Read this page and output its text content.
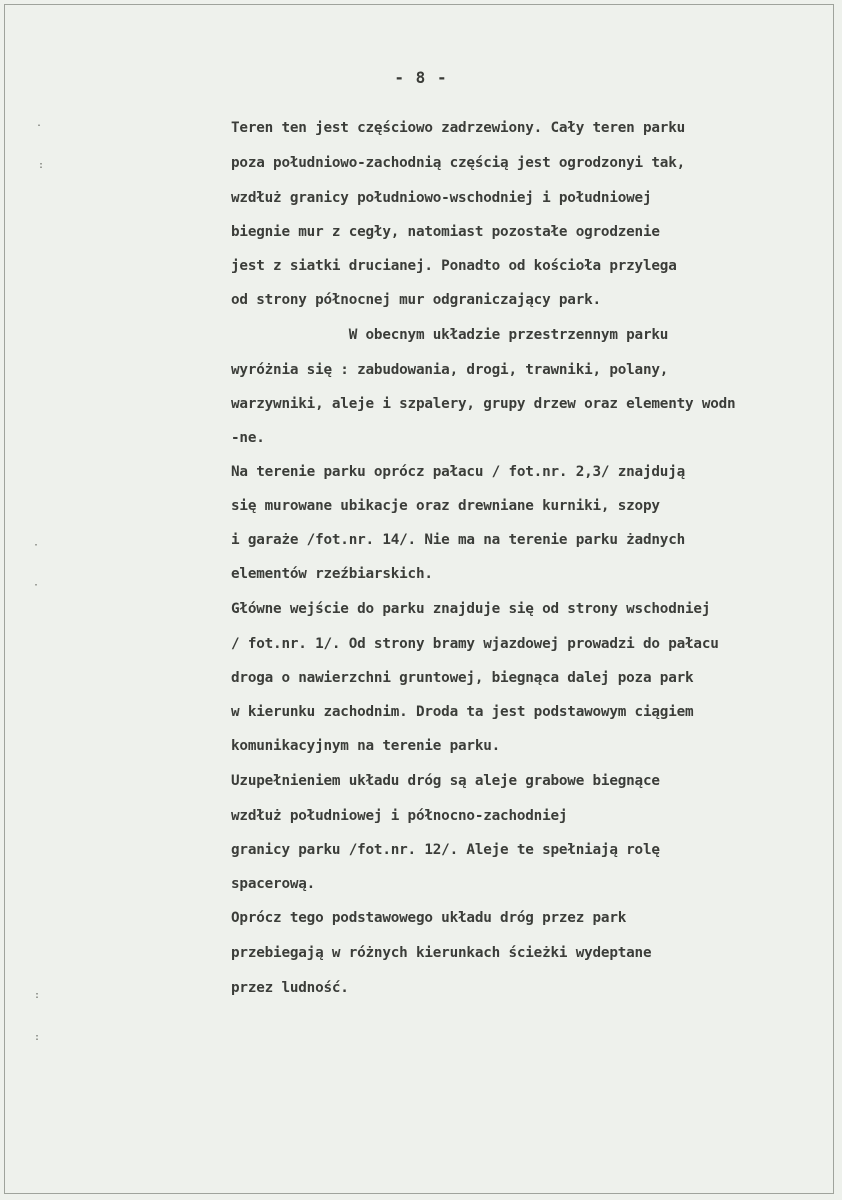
- 8 -
.
:
·
·
:
:
Teren ten jest częściowo zadrzewiony. Cały teren parku
poza południowo-zachodnią częścią jest ogrodzonyi tak,
wzdłuż granicy południowo-wschodniej i południowej
biegnie mur z cegły, natomiast pozostałe ogrodzenie
jest z siatki drucianej. Ponadto od kościoła przylega
od strony północnej mur odgraniczający park.
W obecnym układzie przestrzennym parku
wyróżnia się : zabudowania, drogi, trawniki, polany,
warzywniki, aleje i szpalery, grupy drzew oraz elementy wodn
-ne.
Na terenie parku oprócz pałacu / fot.nr. 2,3/ znajdują
się murowane ubikacje oraz drewniane kurniki, szopy
i garaże /fot.nr. 14/. Nie ma na terenie parku żadnych
elementów rzeźbiarskich.
Główne wejście do parku znajduje się od strony wschodniej
/ fot.nr. 1/. Od strony bramy wjazdowej prowadzi do pałacu
droga o nawierzchni gruntowej, biegnąca dalej poza park
w kierunku zachodnim. Droda ta jest podstawowym ciągiem
komunikacyjnym na terenie parku.
Uzupełnieniem układu dróg są aleje grabowe biegnące
wzdłuż południowej i północno-zachodniej
granicy parku /fot.nr. 12/. Aleje te spełniają rolę
spacerową.
Oprócz tego podstawowego układu dróg przez park
przebiegają w różnych kierunkach ścieżki wydeptane
przez ludność.
